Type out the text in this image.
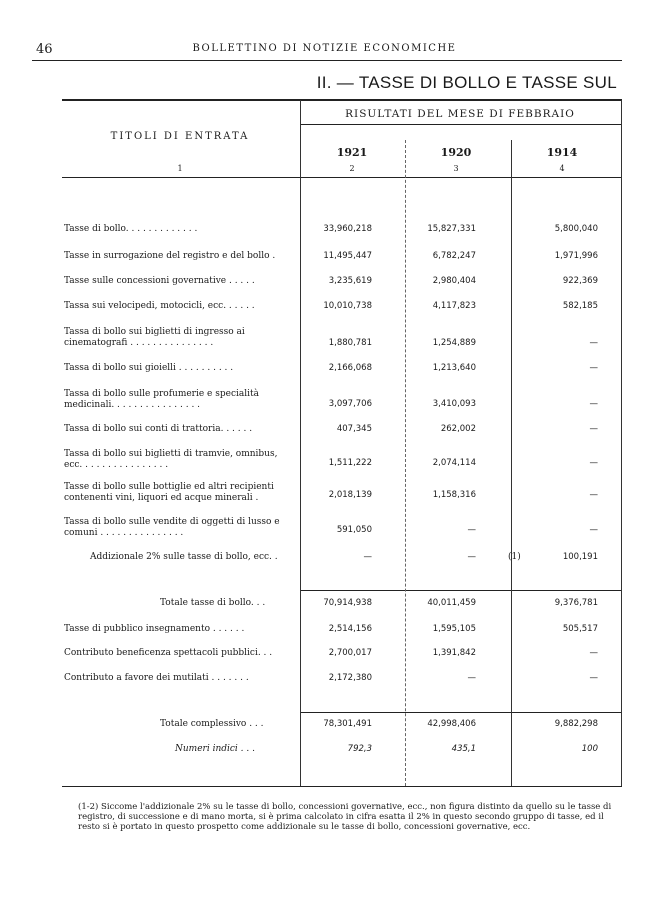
46	BOLLETTINO DI NOTIZIE ECONOMICHE
II. — TASSE DI BOLLO E TASSE SUL
RISULTATI DEL MESE DI FEBBRAIO
TITOLI DI ENTRATA
1
1921	1920	1914
2	3	4
Tasse di bollo. . . . . . . . . . . . .	33,960,218	15,827,331	5,800,040
Tasse in surrogazione del registro e del bollo .	11,495,447	6,782,247	1,971,996
Tasse sulle concessioni governative . . . . .	3,235,619	2,980,404	922,369
Tassa sui velocipedi, motocicli, ecc. . . . . .	10,010,738	4,117,823	582,185
Tassa di bollo sui biglietti di ingresso ai cinematografi . . . . . . . . . . . . . . .	1,880,781	1,254,889	—
Tassa di bollo sui gioielli . . . . . . . . . .	2,166,068	1,213,640	—
Tassa di bollo sulle profumerie e specialità medicinali. . . . . . . . . . . . . . . .	3,097,706	3,410,093	—
Tassa di bollo sui conti di trattoria. . . . . .	407,345	262,002	—
Tassa di bollo sui biglietti di tramvie, omnibus, ecc. . . . . . . . . . . . . . . .	1,511,222	2,074,114	—
Tasse di bollo sulle bottiglie ed altri recipienti contenenti vini, liquori ed acque minerali .	2,018,139	1,158,316	—
Tassa di bollo sulle vendite di oggetti di lusso e comuni . . . . . . . . . . . . . . .	591,050	—	—
Addizionale 2% sulle tasse di bollo, ecc. .	—	—	(1)	100,191
Totale tasse di bollo. . .	70,914,938	40,011,459	9,376,781
Tasse di pubblico insegnamento . . . . . .	2,514,156	1,595,105	505,517
Contributo beneficenza spettacoli pubblici. . .	2,700,017	1,391,842	—
Contributo a favore dei mutilati . . . . . . .	2,172,380	—	—
Totale complessivo . . .	78,301,491	42,998,406	9,882,298
Numeri indici . . .	792,3	435,1	100
(1-2) Siccome l'addizionale 2% su le tasse di bollo, concessioni governative, ecc., non figura distinto da quello su le tasse di registro, di successione e di mano morta, si è prima calcolato in cifra esatta il 2% in questo secondo gruppo di tasse, ed il resto si è portato in questo prospetto come addizionale su le tasse di bollo, concessioni governative, ecc.
